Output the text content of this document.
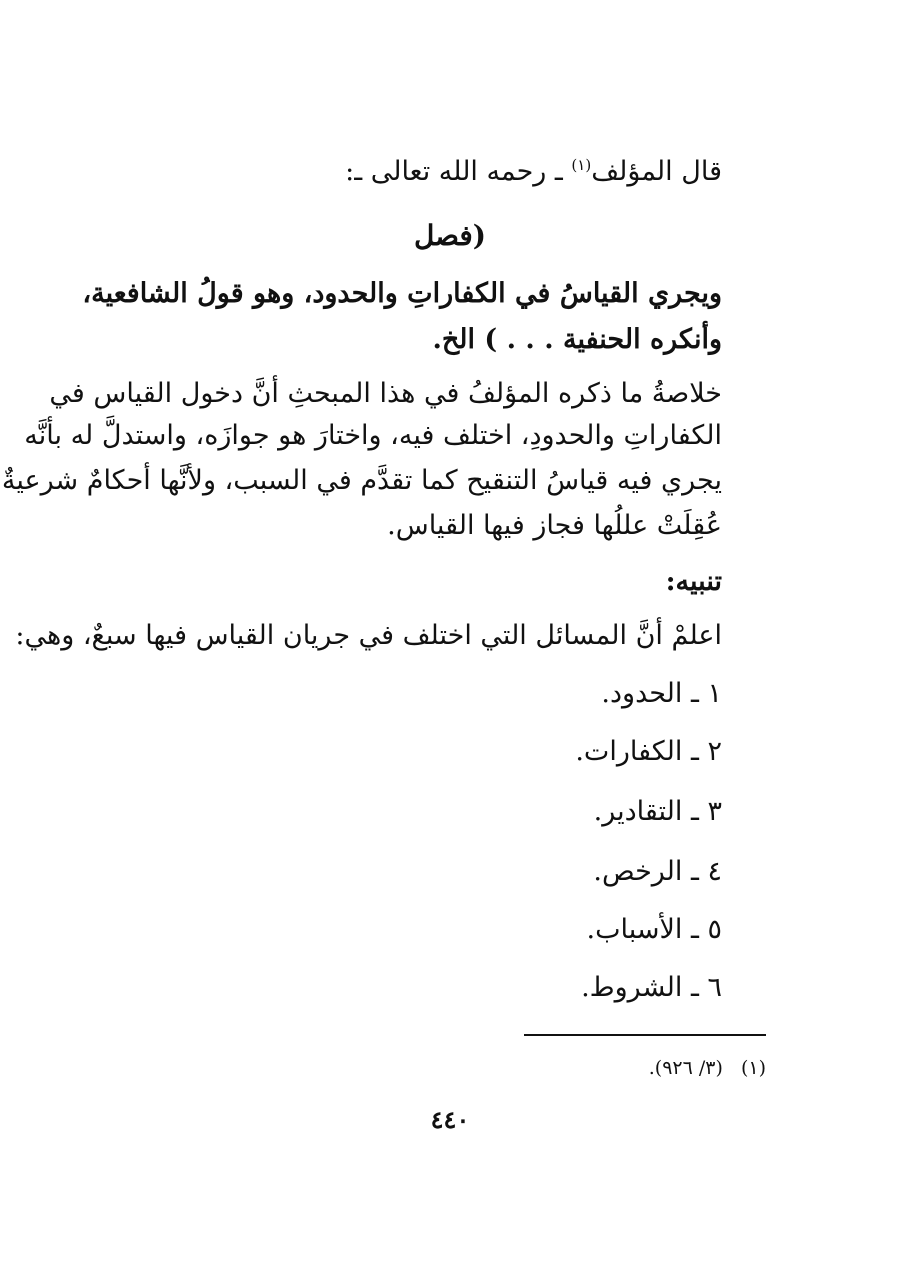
قال المؤلف$^{(١)}$ ـ رحمه الله تعالى ـ:
(فصل
ويجري القياسُ في الكفاراتِ والحدود، وهو قولُ الشافعية،
وأنكره الحنفية . . . ) الخ.
خلاصةُ ما ذكره المؤلفُ في هذا المبحثِ أنَّ دخول القياس في
الكفاراتِ والحدودِ، اختلف فيه، واختارَ هو جوازَه، واستدلَّ له بأنَّه
يجري فيه قياسُ التنقيح كما تقدَّم في السبب، ولأنَّها أحكامٌ شرعيةٌ
عُقِلَتْ عللُها فجاز فيها القياس.
تنبيه:
اعلمْ أنَّ المسائل التي اختلف في جريان القياس فيها سبعٌ، وهي:
١ ـ الحدود.
٢ ـ الكفارات.
٣ ـ التقادير.
٤ ـ الرخص.
٥ ـ الأسباب.
٦ ـ الشروط.
(١)(٣/ ٩٢٦).
٤٤٠
